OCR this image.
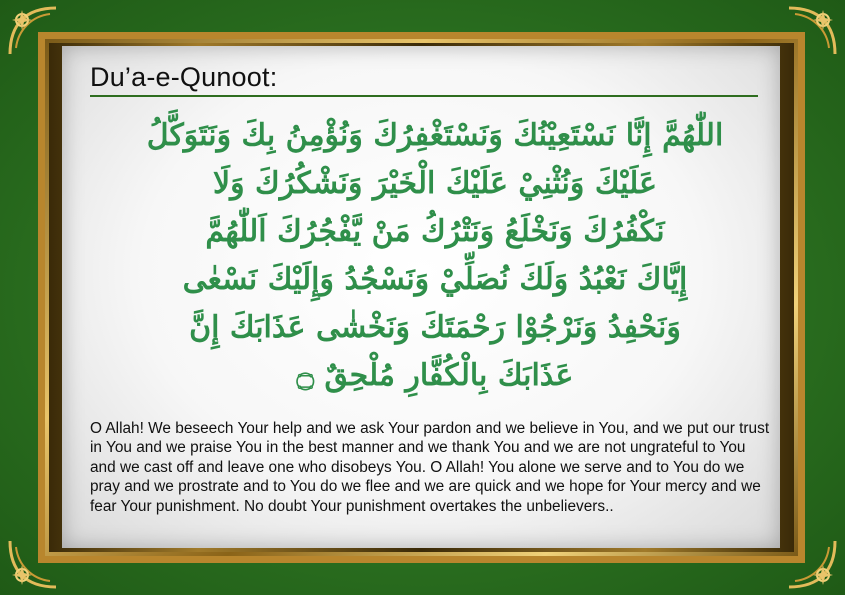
Du’a-e-Qunoot:
اللّٰهُمَّ إِنَّا نَسْتَعِيْنُكَ وَنَسْتَغْفِرُكَ وَنُؤْمِنُ بِكَ وَنَتَوَكَّلُ
عَلَيْكَ وَنُثْنِيْ عَلَيْكَ الْخَيْرَ وَنَشْكُرُكَ وَلَا
نَكْفُرُكَ وَنَخْلَعُ وَنَتْرُكُ مَنْ يَّفْجُرُكَ اَللّٰهُمَّ
إِيَّاكَ نَعْبُدُ وَلَكَ نُصَلِّيْ وَنَسْجُدُ وَإِلَيْكَ نَسْعٰى
وَنَحْفِدُ وَنَرْجُوْا رَحْمَتَكَ وَنَخْشٰى عَذَابَكَ إِنَّ
عَذَابَكَ بِالْكُفَّارِ مُلْحِقٌ ۝
O Allah! We beseech Your help and we ask Your pardon and we believe in You, and we put our trust in You and we praise You in the best manner and we thank You and we are not ungrateful to You and we cast off and leave one who disobeys You. O Allah! You alone we serve and to You do we pray and we prostrate and to You do we flee and we are quick and we hope for Your mercy and we fear Your punishment. No doubt Your punishment overtakes the unbelievers..
